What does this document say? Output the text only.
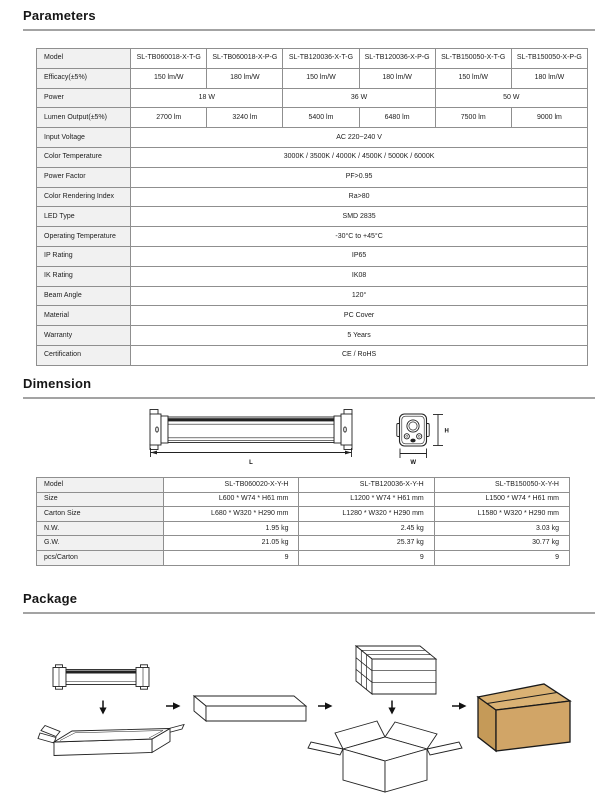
Parameters
Model	SL-TB060018-X-T-G	SL-TB060018-X-P-G	SL-TB120036-X-T-G	SL-TB120036-X-P-G	SL-TB150050-X-T-G	SL-TB150050-X-P-G
Efficacy(±5%)	150 lm/W	180 lm/W	150 lm/W	180 lm/W	150 lm/W	180 lm/W
Power	18 W		36 W		50 W	
Lumen Output(±5%)	2700 lm	3240 lm	5400 lm	6480 lm	7500 lm	9000 lm
Input Voltage	AC 220~240 V					
Color Temperature	3000K / 3500K / 4000K / 4500K / 5000K / 6000K					
Power Factor	PF>0.95					
Color Rendering Index	Ra>80					
LED Type	SMD 2835					
Operating Temperature	-30°C to +45°C					
IP Rating	IP65					
IK Rating	IK08					
Beam Angle	120°					
Material	PC Cover					
Warranty	5 Years					
Certification	CE / RoHS					
Dimension
L
H
W
Model	SL-TB060020-X-Y-H	SL-TB120036-X-Y-H	SL-TB150050-X-Y-H
Size	L600 * W74 * H61 mm	L1200 * W74 * H61 mm	L1500 * W74 * H61 mm
Carton Size	L680 * W320 * H290 mm	L1280 * W320 * H290 mm	L1580 * W320 * H290 mm
N.W.	1.95 kg	2.45 kg	3.03 kg
G.W.	21.05 kg	25.37 kg	30.77 kg
pcs/Carton	9	9	9
Package
